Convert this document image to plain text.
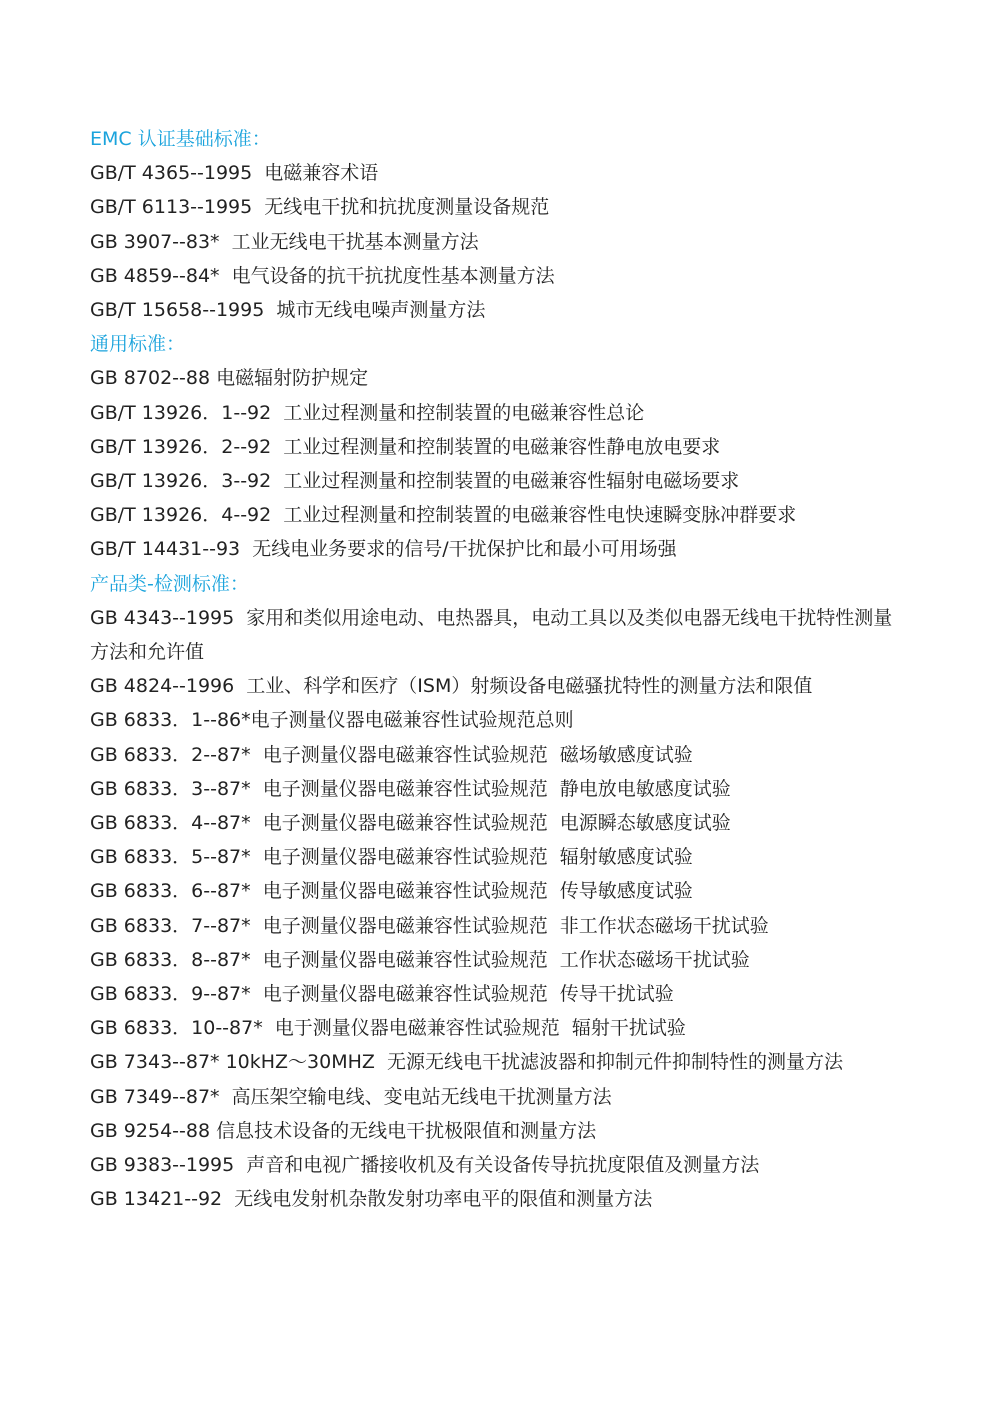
EMC 认证基础标准：
GB/T 4365--1995  电磁兼容术语
GB/T 6113--1995  无线电干扰和抗扰度测量设备规范
GB 3907--83*  工业无线电干扰基本测量方法
GB 4859--84*  电气设备的抗干抗扰度性基本测量方法
GB/T 15658--1995  城市无线电噪声测量方法
通用标准：
GB 8702--88 电磁辐射防护规定
GB/T 13926．1--92  工业过程测量和控制装置的电磁兼容性总论
GB/T 13926．2--92  工业过程测量和控制装置的电磁兼容性静电放电要求
GB/T 13926．3--92  工业过程测量和控制装置的电磁兼容性辐射电磁场要求
GB/T 13926．4--92  工业过程测量和控制装置的电磁兼容性电快速瞬变脉冲群要求
GB/T 14431--93  无线电业务要求的信号/干扰保护比和最小可用场强
产品类-检测标准：
GB 4343--1995  家用和类似用途电动、电热器具，电动工具以及类似电器无线电干扰特性测量方法和允许值
GB 4824--1996  工业、科学和医疗（ISM）射频设备电磁骚扰特性的测量方法和限值
GB 6833．1--86*电子测量仪器电磁兼容性试验规范总则
GB 6833．2--87*  电子测量仪器电磁兼容性试验规范  磁场敏感度试验
GB 6833．3--87*  电子测量仪器电磁兼容性试验规范  静电放电敏感度试验
GB 6833．4--87*  电子测量仪器电磁兼容性试验规范  电源瞬态敏感度试验
GB 6833．5--87*  电子测量仪器电磁兼容性试验规范  辐射敏感度试验
GB 6833．6--87*  电子测量仪器电磁兼容性试验规范  传导敏感度试验
GB 6833．7--87*  电子测量仪器电磁兼容性试验规范  非工作状态磁场干扰试验
GB 6833．8--87*  电子测量仪器电磁兼容性试验规范  工作状态磁场干扰试验
GB 6833．9--87*  电子测量仪器电磁兼容性试验规范  传导干扰试验
GB 6833．10--87*  电于测量仪器电磁兼容性试验规范  辐射干扰试验
GB 7343--87* 10kHZ～30MHZ  无源无线电干扰滤波器和抑制元件抑制特性的测量方法
GB 7349--87*  高压架空输电线、变电站无线电干扰测量方法
GB 9254--88 信息技术设备的无线电干扰极限值和测量方法
GB 9383--1995  声音和电视广播接收机及有关设备传导抗扰度限值及测量方法
GB 13421--92  无线电发射机杂散发射功率电平的限值和测量方法
